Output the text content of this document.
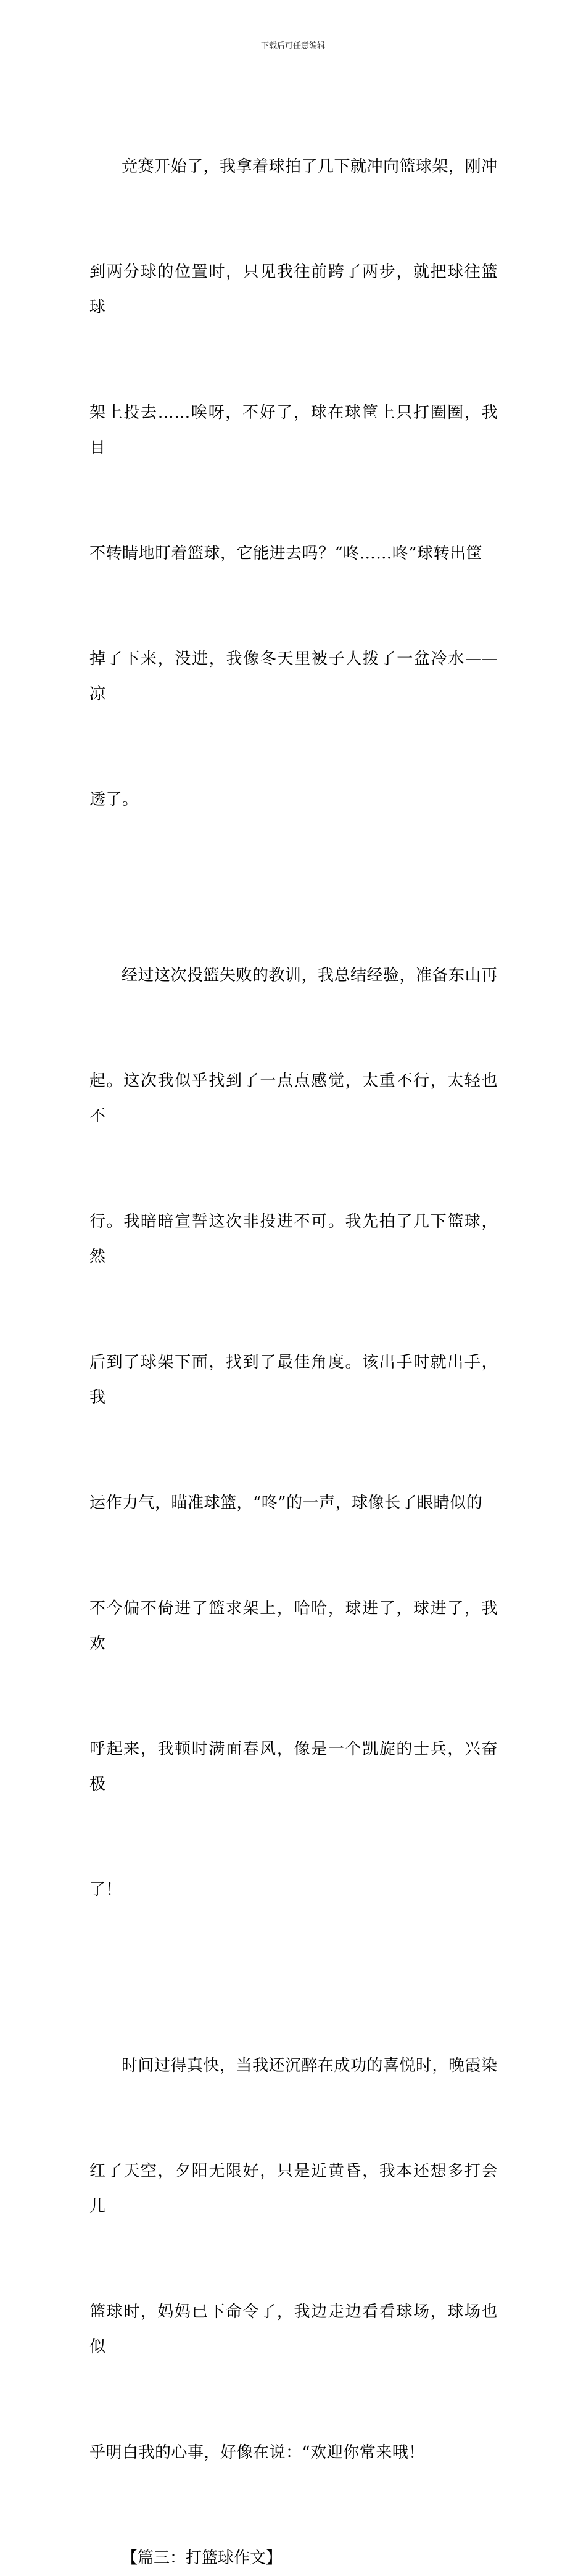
下载后可任意编辑

竞赛开始了，我拿着球拍了几下就冲向篮球架，刚冲

到两分球的位置时，只见我往前跨了两步，就把球往篮球

架上投去……唉呀，不好了，球在球筐上只打圈圈，我目

不转睛地盯着篮球，它能进去吗？“咚……咚”球转出筐

掉了下来，没进，我像冬天里被子人拨了一盆冷水——凉

透了。

经过这次投篮失败的教训，我总结经验，准备东山再

起。这次我似乎找到了一点点感觉，太重不行，太轻也不

行。我暗暗宣誓这次非投进不可。我先拍了几下篮球，然

后到了球架下面，找到了最佳角度。该出手时就出手，我

运作力气，瞄准球篮，“咚”的一声，球像长了眼睛似的

不今偏不倚进了篮求架上，哈哈，球进了，球进了，我欢

呼起来，我顿时满面春风，像是一个凯旋的士兵，兴奋极

了！

时间过得真快，当我还沉醉在成功的喜悦时，晚霞染

红了天空，夕阳无限好，只是近黄昏，我本还想多打会儿

篮球时，妈妈已下命令了，我边走边看看球场，球场也似

乎明白我的心事，好像在说：“欢迎你常来哦！

【篇三：打篮球作文】
